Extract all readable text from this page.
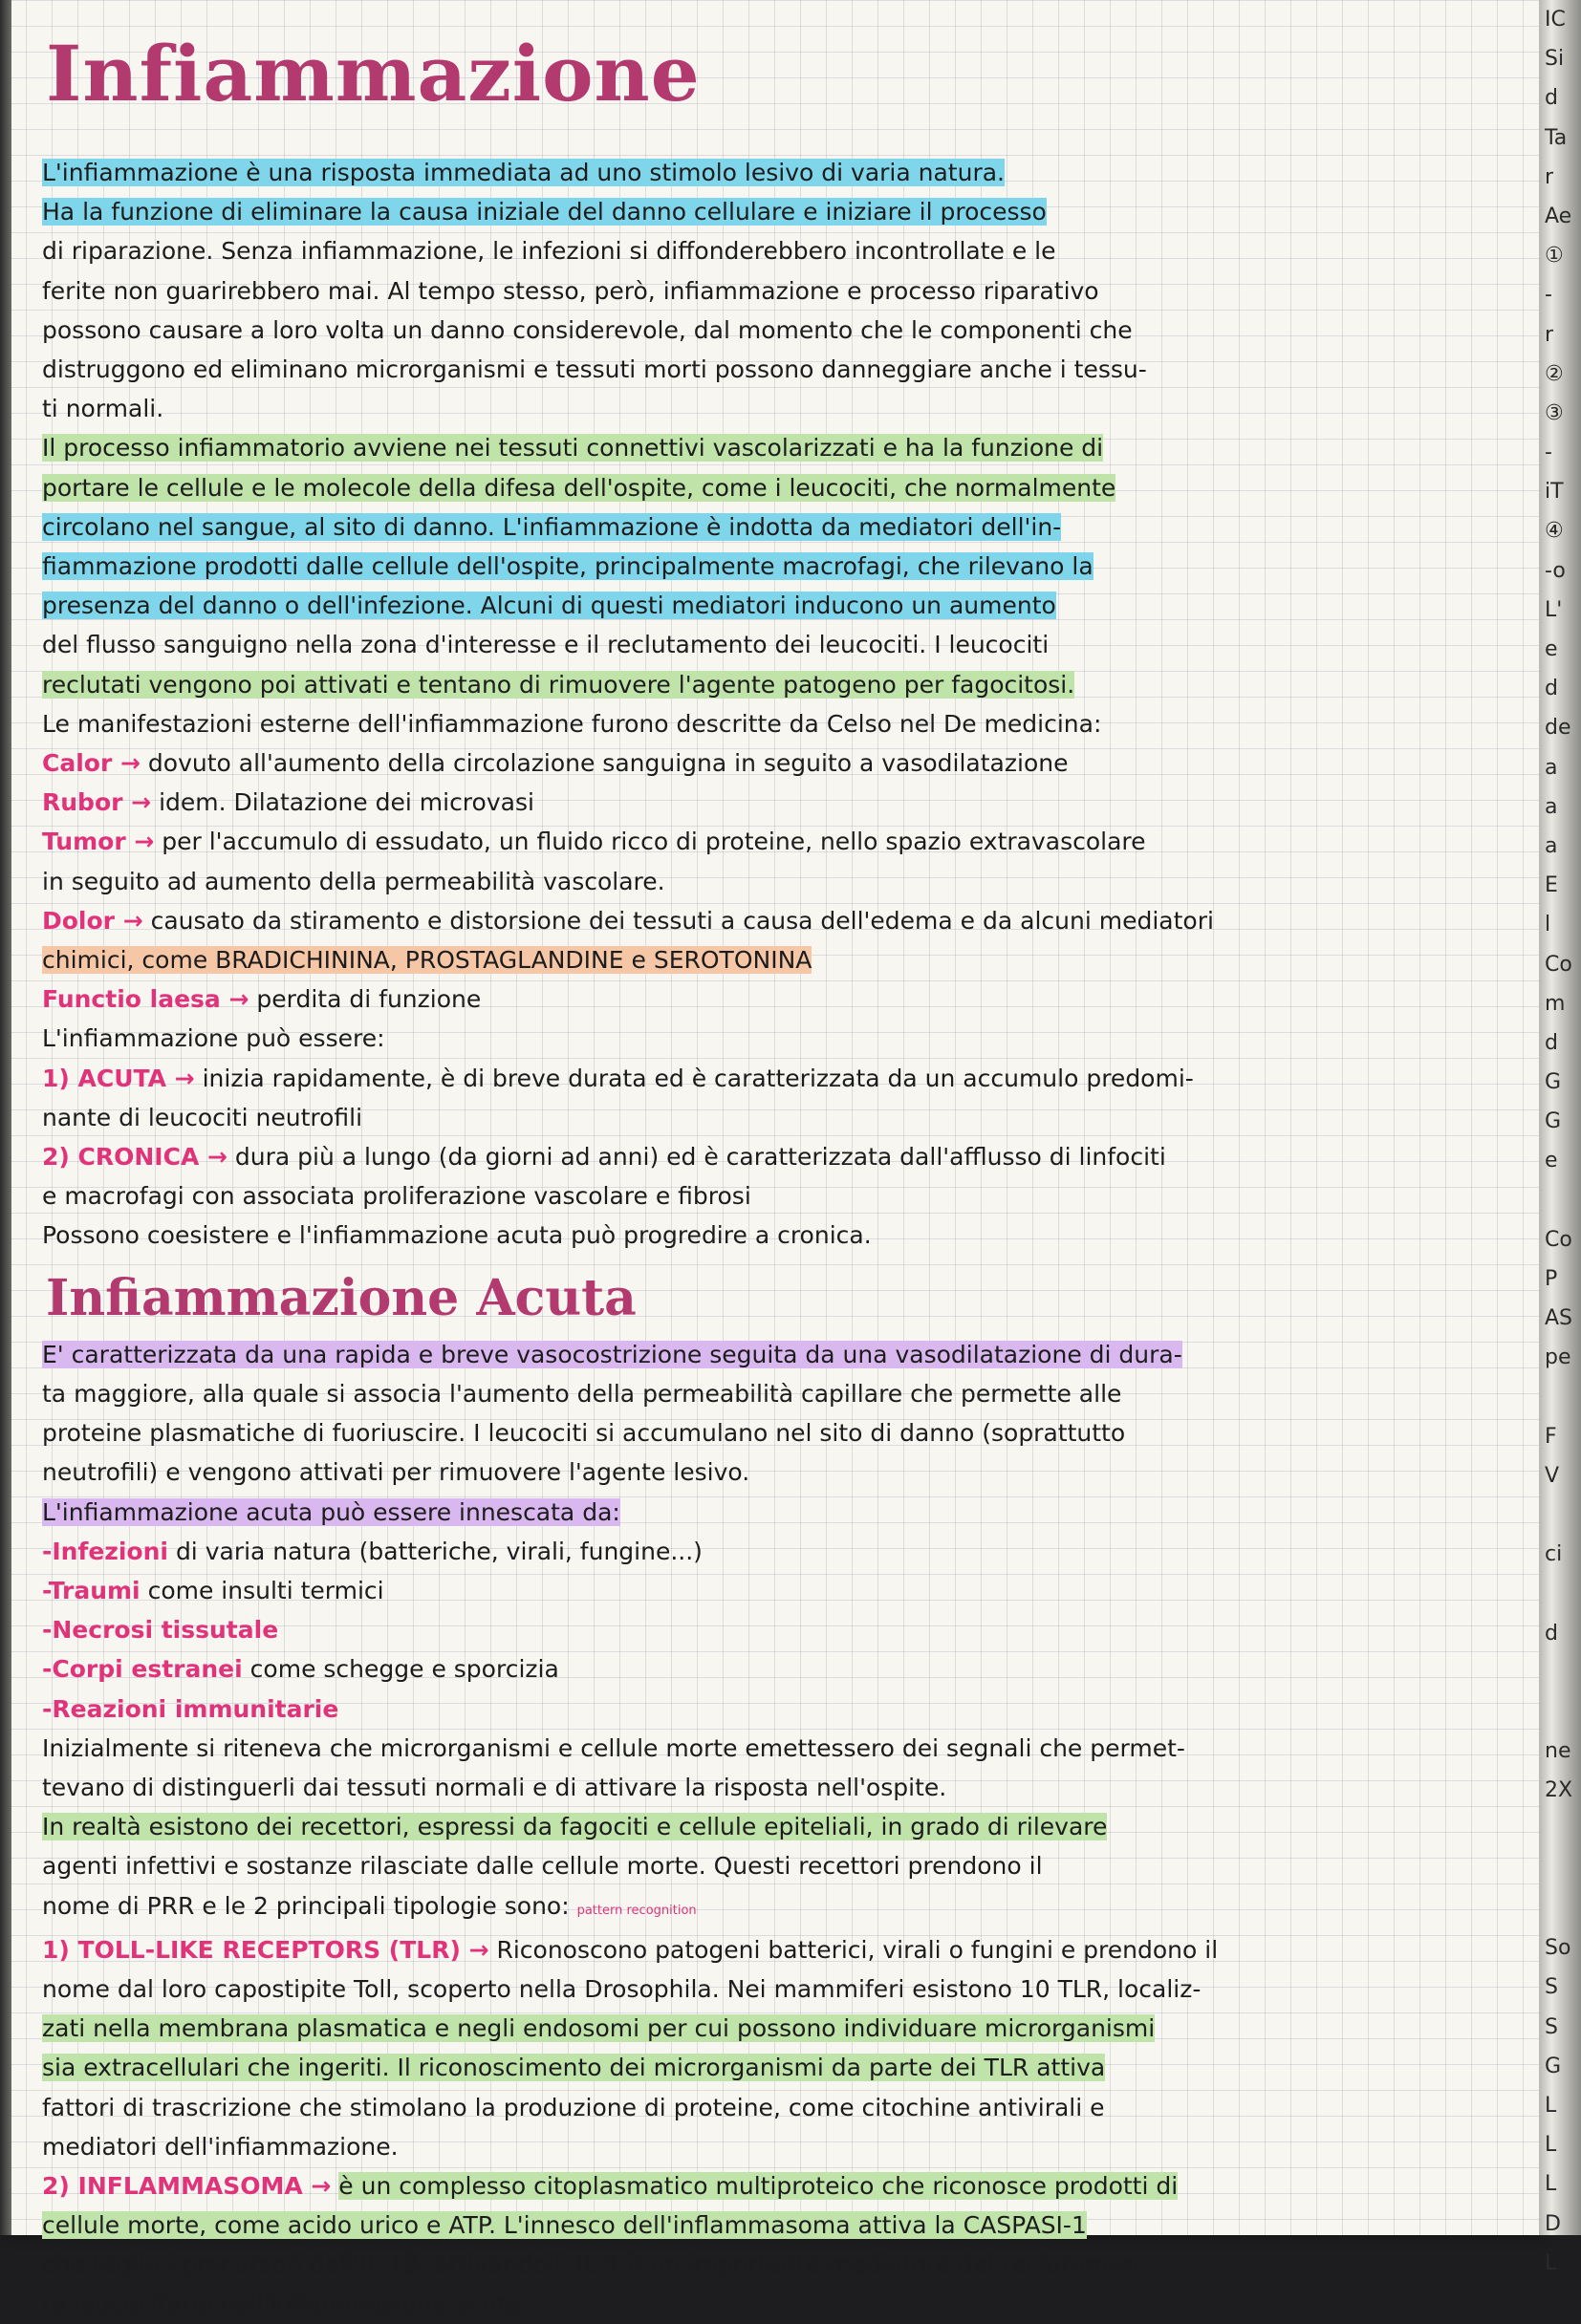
Infiammazione
L'infiammazione è una risposta immediata ad uno stimolo lesivo di varia natura.
Ha la funzione di eliminare la causa iniziale del danno cellulare e iniziare il processo
di riparazione. Senza infiammazione, le infezioni si diffonderebbero incontrollate e le
ferite non guarirebbero mai. Al tempo stesso, però, infiammazione e processo riparativo
possono causare a loro volta un danno considerevole, dal momento che le componenti che
distruggono ed eliminano microrganismi e tessuti morti possono danneggiare anche i tessu-
ti normali.
Il processo infiammatorio avviene nei tessuti connettivi vascolarizzati e ha la funzione di
portare le cellule e le molecole della difesa dell'ospite, come i leucociti, che normalmente
circolano nel sangue, al sito di danno. L'infiammazione è indotta da mediatori dell'in-
fiammazione prodotti dalle cellule dell'ospite, principalmente macrofagi, che rilevano la
presenza del danno o dell'infezione. Alcuni di questi mediatori inducono un aumento
del flusso sanguigno nella zona d'interesse e il reclutamento dei leucociti. I leucociti
reclutati vengono poi attivati e tentano di rimuovere l'agente patogeno per fagocitosi.
Le manifestazioni esterne dell'infiammazione furono descritte da Celso nel De medicina:
Calor → dovuto all'aumento della circolazione sanguigna in seguito a vasodilatazione
Rubor → idem. Dilatazione dei microvasi
Tumor → per l'accumulo di essudato, un fluido ricco di proteine, nello spazio extravascolare
in seguito ad aumento della permeabilità vascolare.
Dolor → causato da stiramento e distorsione dei tessuti a causa dell'edema e da alcuni mediatori
chimici, come BRADICHININA, PROSTAGLANDINE e SEROTONINA
Functio laesa → perdita di funzione
L'infiammazione può essere:
1) ACUTA → inizia rapidamente, è di breve durata ed è caratterizzata da un accumulo predomi-
nante di leucociti neutrofili
2) CRONICA → dura più a lungo (da giorni ad anni) ed è caratterizzata dall'afflusso di linfociti
e macrofagi con associata proliferazione vascolare e fibrosi
Possono coesistere e l'infiammazione acuta può progredire a cronica.
Infiammazione Acuta
E' caratterizzata da una rapida e breve vasocostrizione seguita da una vasodilatazione di dura-
ta maggiore, alla quale si associa l'aumento della permeabilità capillare che permette alle
proteine plasmatiche di fuoriuscire. I leucociti si accumulano nel sito di danno (soprattutto
neutrofili) e vengono attivati per rimuovere l'agente lesivo.
L'infiammazione acuta può essere innescata da:
-Infezioni di varia natura (batteriche, virali, fungine...)
-Traumi come insulti termici
-Necrosi tissutale
-Corpi estranei come schegge e sporcizia
-Reazioni immunitarie
Inizialmente si riteneva che microrganismi e cellule morte emettessero dei segnali che permet-
tevano di distinguerli dai tessuti normali e di attivare la risposta nell'ospite.
In realtà esistono dei recettori, espressi da fagociti e cellule epiteliali, in grado di rilevare
agenti infettivi e sostanze rilasciate dalle cellule morte. Questi recettori prendono il
nome di PRR e le 2 principali tipologie sono: pattern recognition
1) TOLL-LIKE RECEPTORS (TLR) → Riconoscono patogeni batterici, virali o fungini e prendono il
nome dal loro capostipite Toll, scoperto nella Drosophila. Nei mammiferi esistono 10 TLR, localiz-
zati nella membrana plasmatica e negli endosomi per cui possono individuare microrganismi
sia extracellulari che ingeriti. Il riconoscimento dei microrganismi da parte dei TLR attiva
fattori di trascrizione che stimolano la produzione di proteine, come citochine antivirali e
mediatori dell'infiammazione.
2) INFLAMMASOMA → è un complesso citoplasmatico multiproteico che riconosce prodotti di
cellule morte, come acido urico e ATP. L'innesco dell'inflammasoma attiva la CASPASI-1
che taglia i precursori dell'IL-1β, attivandoli. IL-1 è un importante mediatore del reclutamen-
to leucocitario nell'infiammazione acuta
IC
Si
d
Ta
r
Ae
①
-
r
②
③
-
iT
④
-o
L'
e
d
de
a
a
a
E
l
Co
m
d
G
G
e
Co
P
AS
pe
F
V
ci
d
ne
2X
So
S
S
G
L
L
L
D
L
